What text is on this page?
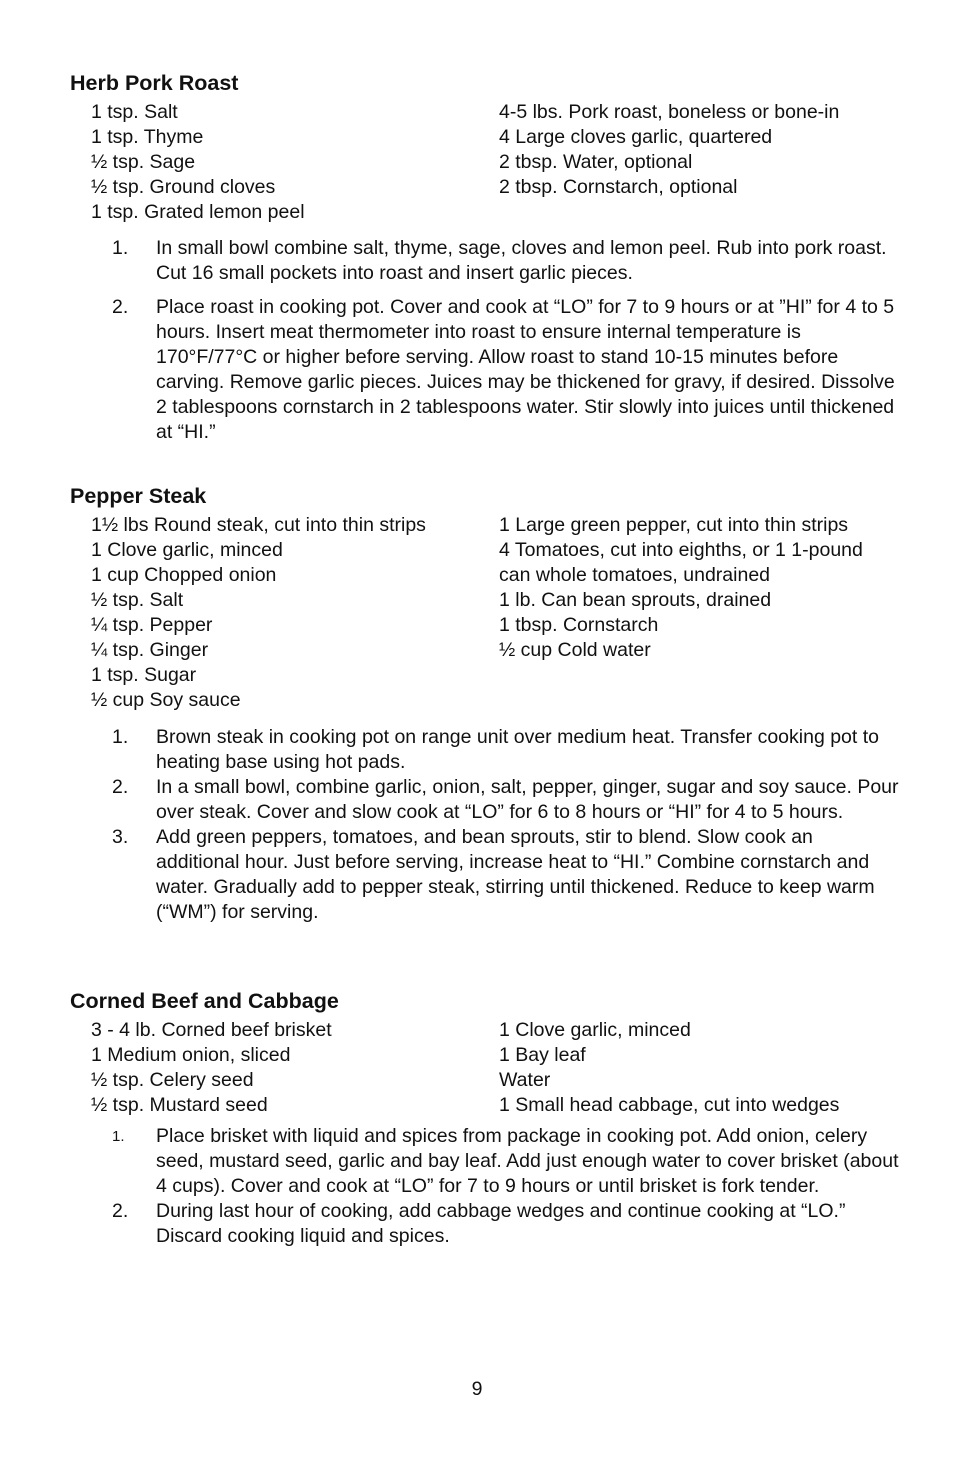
Herb Pork Roast
1 tsp. Salt
1 tsp. Thyme
½ tsp. Sage
½ tsp. Ground cloves
1 tsp. Grated lemon peel
4-5 lbs. Pork roast, boneless or bone-in
4 Large cloves garlic, quartered
2 tbsp. Water, optional
2 tbsp. Cornstarch, optional
1. In small bowl combine salt, thyme, sage, cloves and lemon peel. Rub into pork roast. Cut 16 small pockets into roast and insert garlic pieces.
2. Place roast in cooking pot. Cover and cook at “LO” for 7 to 9 hours or at ”HI” for 4 to 5 hours. Insert meat thermometer into roast to ensure internal temperature is 170°F/77°C or higher before serving. Allow roast to stand 10-15 minutes before carving. Remove garlic pieces. Juices may be thickened for gravy, if desired. Dissolve 2 tablespoons cornstarch in 2 tablespoons water. Stir slowly into juices until thickened at “HI.”
Pepper Steak
1½ lbs Round steak, cut into thin strips
1 Clove garlic, minced
1 cup Chopped onion
½ tsp. Salt
¼ tsp. Pepper
¼ tsp. Ginger
1 tsp. Sugar
½ cup Soy sauce
1 Large green pepper, cut into thin strips
4 Tomatoes, cut into eighths, or 1 1-pound can whole tomatoes, undrained
1 lb. Can bean sprouts, drained
1 tbsp. Cornstarch
½ cup Cold water
1. Brown steak in cooking pot on range unit over medium heat. Transfer cooking pot to heating base using hot pads.
2. In a small bowl, combine garlic, onion, salt, pepper, ginger, sugar and soy sauce. Pour over steak. Cover and slow cook at “LO” for 6 to 8 hours or “HI” for 4 to 5 hours.
3. Add green peppers, tomatoes, and bean sprouts, stir to blend. Slow cook an additional hour. Just before serving, increase heat to “HI.” Combine cornstarch and water. Gradually add to pepper steak, stirring until thickened. Reduce to keep warm (“WM”) for serving.
Corned Beef and Cabbage
3 - 4 lb. Corned beef brisket
1 Medium onion, sliced
½ tsp. Celery seed
½ tsp. Mustard seed
1 Clove garlic, minced
1 Bay leaf
Water
1 Small head cabbage, cut into wedges
1. Place brisket with liquid and spices from package in cooking pot. Add onion, celery seed, mustard seed, garlic and bay leaf. Add just enough water to cover brisket (about 4 cups). Cover and cook at “LO” for 7 to 9 hours or until brisket is fork tender.
2. During last hour of cooking, add cabbage wedges and continue cooking at “LO.” Discard cooking liquid and spices.
9
